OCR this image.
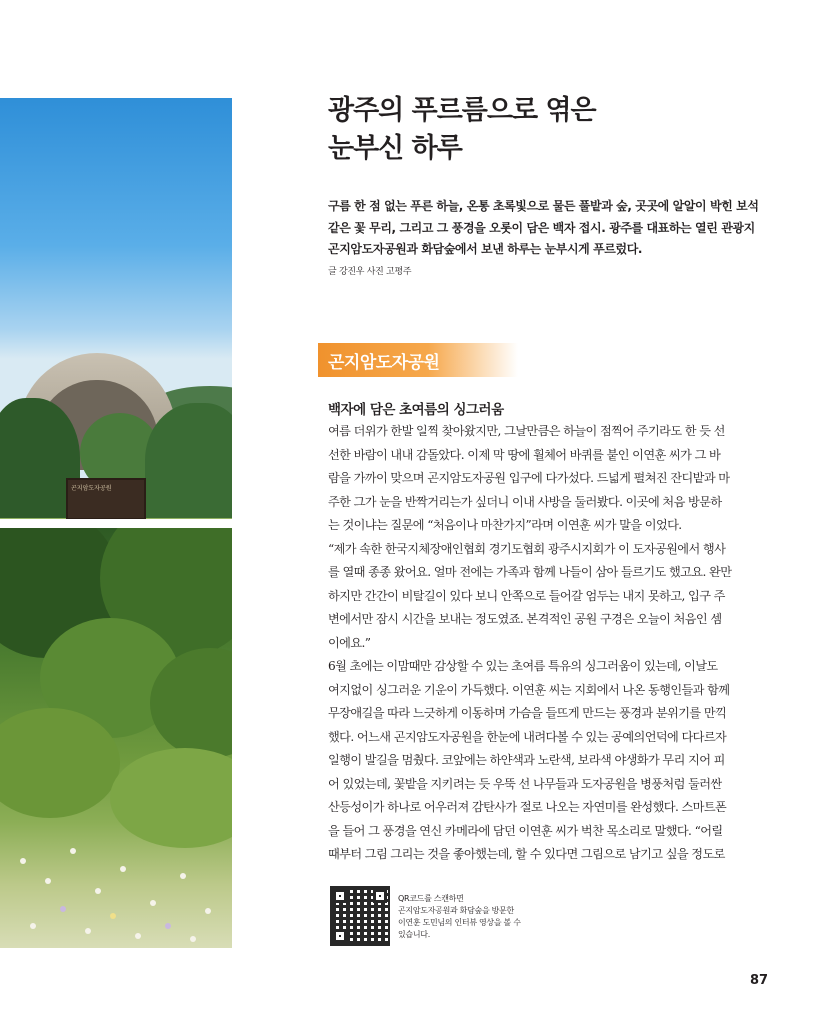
곤지암도자공원
광주의 푸르름으로 엮은
눈부신 하루
구름 한 점 없는 푸른 하늘, 온통 초록빛으로 물든 풀밭과 숲, 곳곳에 알알이 박힌 보석
같은 꽃 무리, 그리고 그 풍경을 오롯이 담은 백자 접시. 광주를 대표하는 열린 관광지
곤지암도자공원과 화담숲에서 보낸 하루는 눈부시게 푸르렀다.
글 강진우 사진 고평주
곤지암도자공원
백자에 담은 초여름의 싱그러움
여름 더위가 한발 일찍 찾아왔지만, 그날만큼은 하늘이 점찍어 주기라도 한 듯 선
선한 바람이 내내 감돌았다. 이제 막 땅에 휠체어 바퀴를 붙인 이연훈 씨가 그 바
람을 가까이 맞으며 곤지암도자공원 입구에 다가섰다. 드넓게 펼쳐진 잔디밭과 마
주한 그가 눈을 반짝거리는가 싶더니 이내 사방을 둘러봤다. 이곳에 처음 방문하
는 것이냐는 질문에 “처음이나 마찬가지”라며 이연훈 씨가 말을 이었다.
“제가 속한 한국지체장애인협회 경기도협회 광주시지회가 이 도자공원에서 행사
를 열때 종종 왔어요. 얼마 전에는 가족과 함께 나들이 삼아 들르기도 했고요. 완만
하지만 간간이 비탈길이 있다 보니 안쪽으로 들어갈 엄두는 내지 못하고, 입구 주
변에서만 잠시 시간을 보내는 정도였죠. 본격적인 공원 구경은 오늘이 처음인 셈
이에요.”
6월 초에는 이맘때만 감상할 수 있는 초여름 특유의 싱그러움이 있는데, 이날도
여지없이 싱그러운 기운이 가득했다. 이연훈 씨는 지회에서 나온 동행인들과 함께
무장애길을 따라 느긋하게 이동하며 가슴을 들뜨게 만드는 풍경과 분위기를 만끽
했다. 어느새 곤지암도자공원을 한눈에 내려다볼 수 있는 공예의언덕에 다다르자
일행이 발길을 멈췄다. 코앞에는 하얀색과 노란색, 보라색 야생화가 무리 지어 피
어 있었는데, 꽃밭을 지키려는 듯 우뚝 선 나무들과 도자공원을 병풍처럼 둘러싼
산등성이가 하나로 어우러져 감탄사가 절로 나오는 자연미를 완성했다. 스마트폰
을 들어 그 풍경을 연신 카메라에 담던 이연훈 씨가 벅찬 목소리로 말했다. “어릴
때부터 그림 그리는 것을 좋아했는데, 할 수 있다면 그림으로 남기고 싶을 정도로
QR코드를 스캔하면
곤지암도자공원과 화담숲을 방문한
이연훈 도민님의 인터뷰 영상을 볼 수
있습니다.
87
